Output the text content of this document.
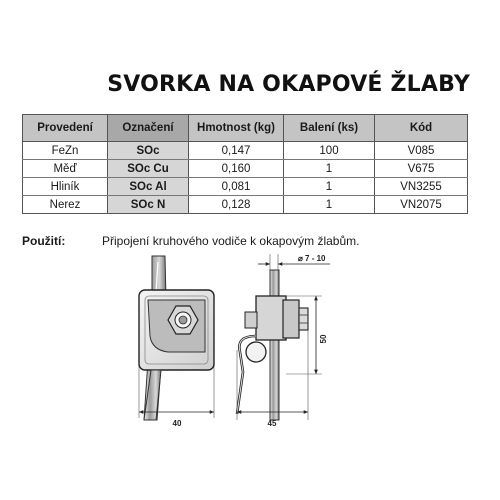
SVORKA NA OKAPOVÉ ŽLABY
Provedení	Označení	Hmotnost (kg)	Balení (ks)	Kód
FeZn	SOc	0,147	100	V085
Měď	SOc Cu	0,160	1	V675
Hliník	SOc Al	0,081	1	VN3255
Nerez	SOc N	0,128	1	VN2075
Použití:	Připojení kruhového vodiče k okapovým žlabům.
40
⌀ 7 - 10
50
45
